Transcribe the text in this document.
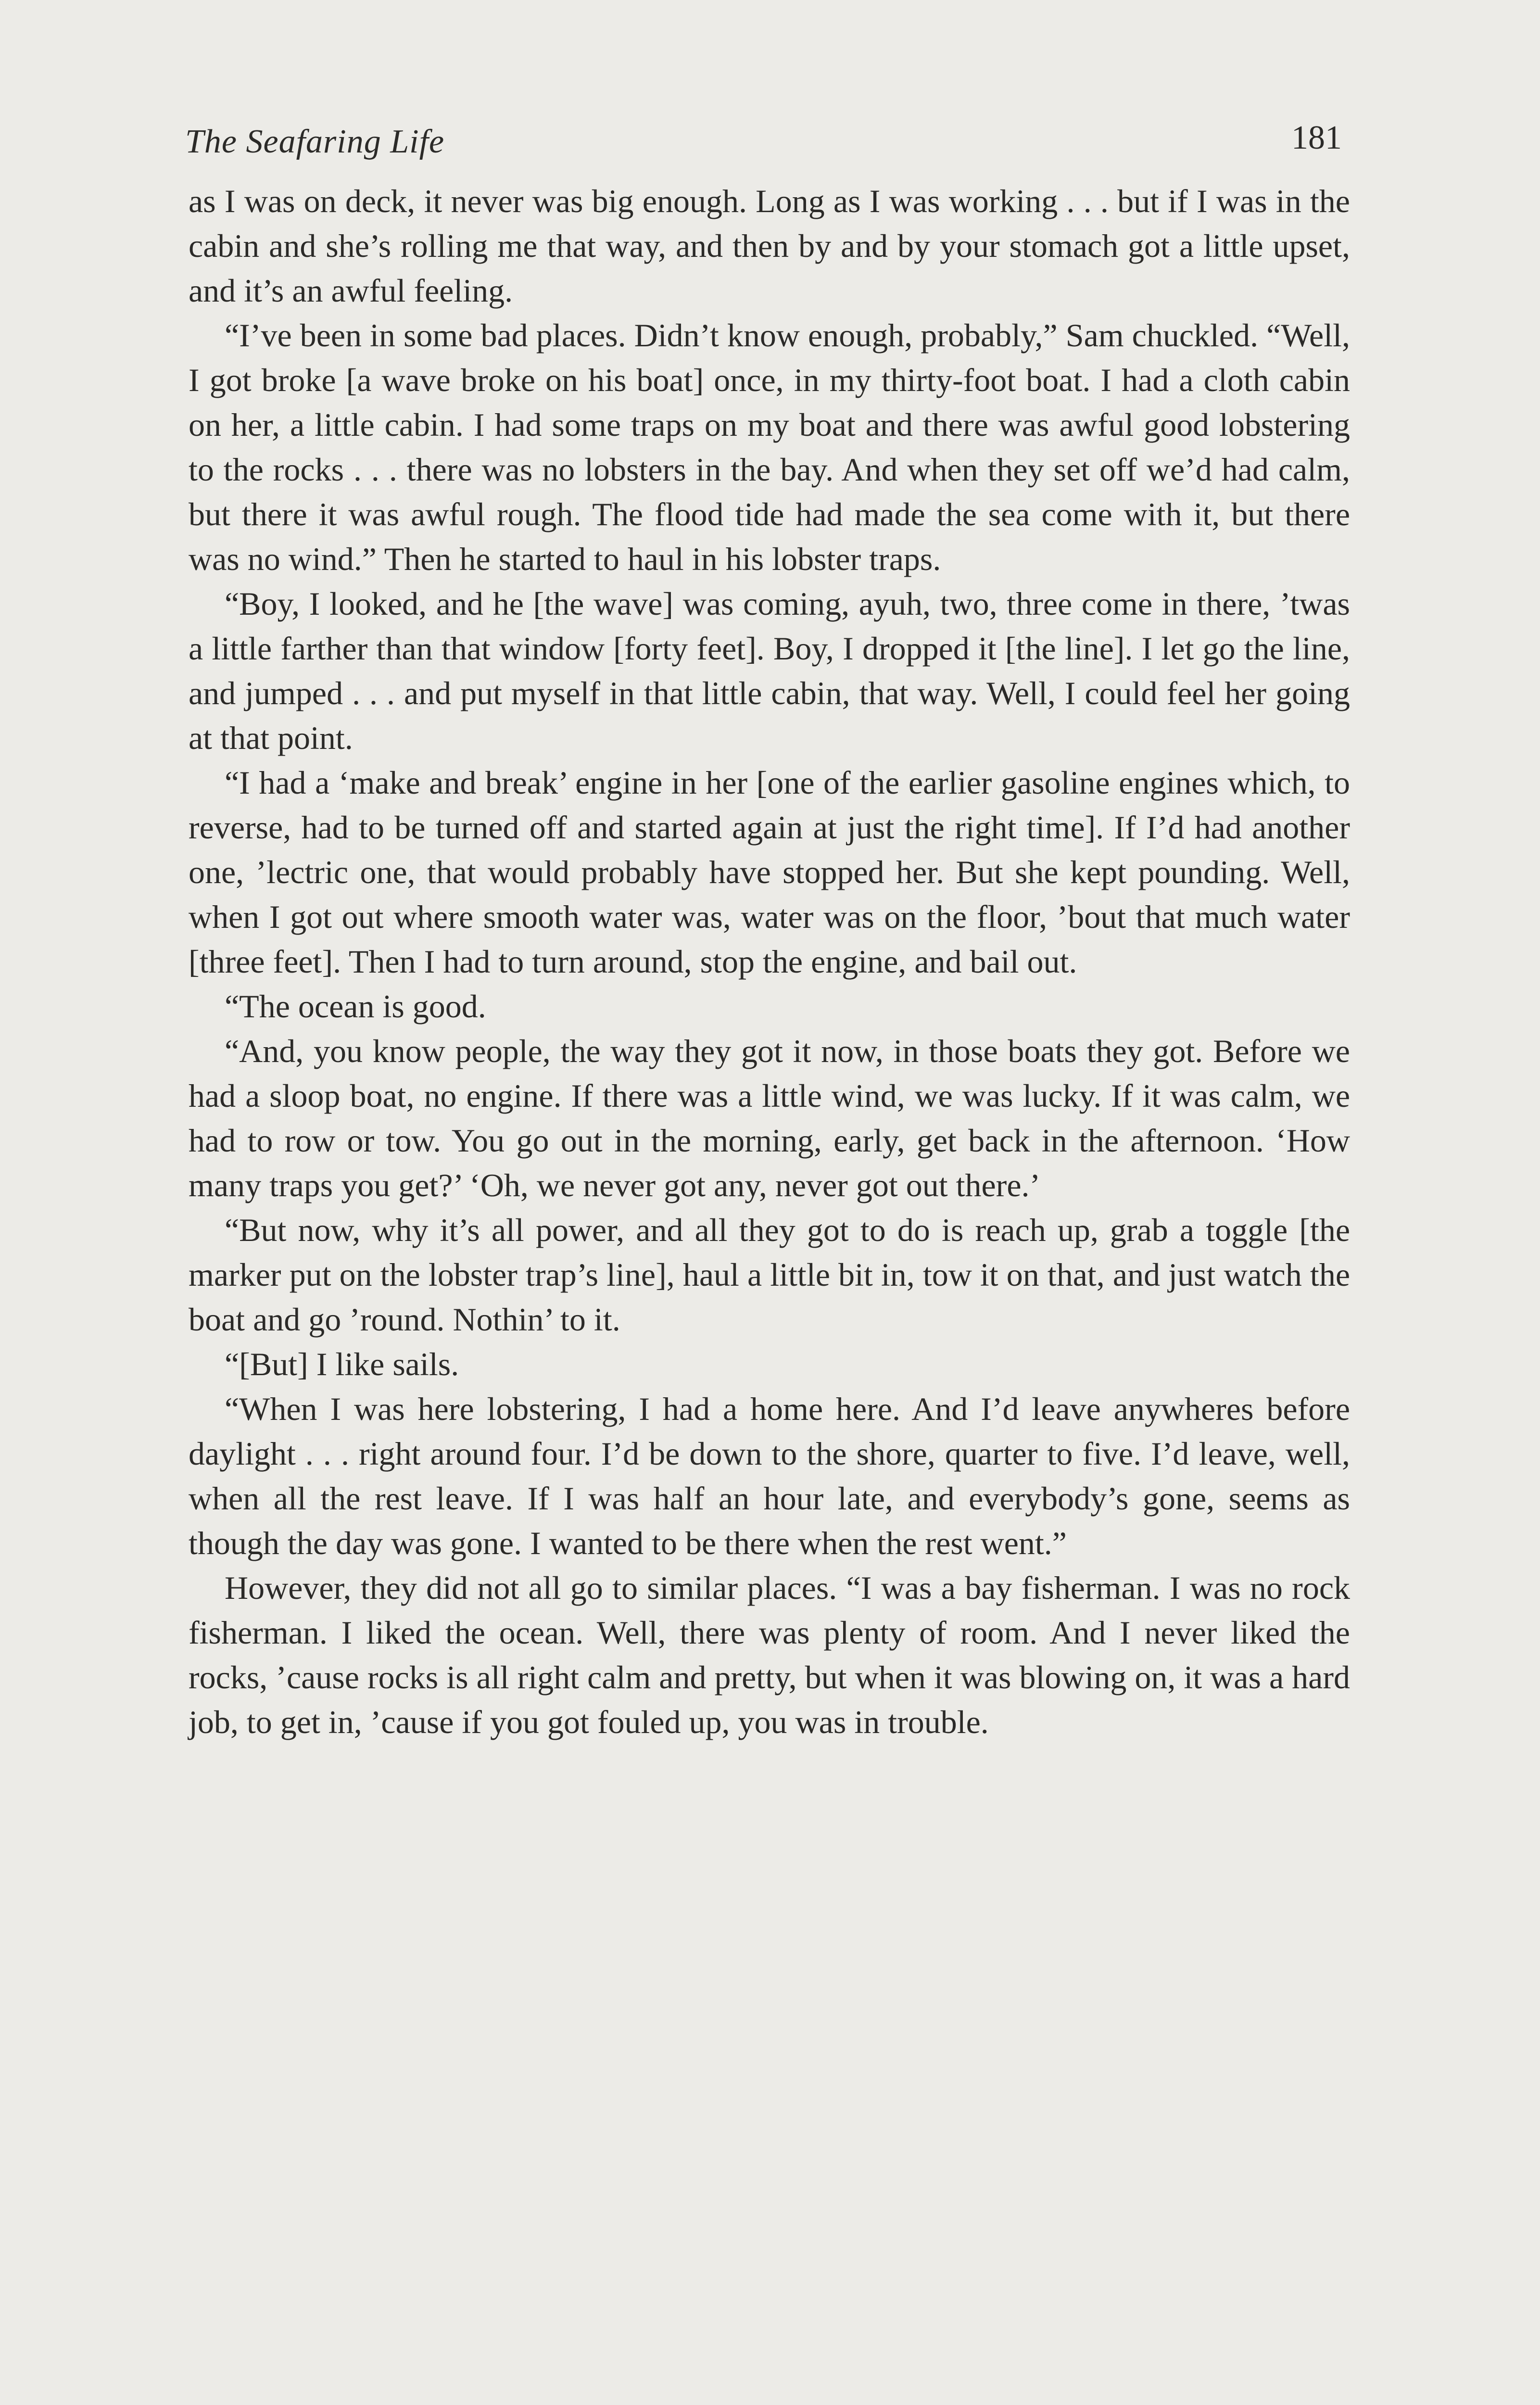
The Seafaring Life	181

as I was on deck, it never was big enough. Long as I was working . . . but if I was in the cabin and she’s rolling me that way, and then by and by your stomach got a little upset, and it’s an awful feeling.

“I’ve been in some bad places. Didn’t know enough, probably,” Sam chuckled. “Well, I got broke [a wave broke on his boat] once, in my thirty-foot boat. I had a cloth cabin on her, a little cabin. I had some traps on my boat and there was awful good lobstering to the rocks . . . there was no lobsters in the bay. And when they set off we’d had calm, but there it was awful rough. The flood tide had made the sea come with it, but there was no wind.” Then he started to haul in his lobster traps.

“Boy, I looked, and he [the wave] was coming, ayuh, two, three come in there, ’twas a little farther than that window [forty feet]. Boy, I dropped it [the line]. I let go the line, and jumped . . . and put myself in that little cabin, that way. Well, I could feel her going at that point.

“I had a ‘make and break’ engine in her [one of the earlier gasoline engines which, to reverse, had to be turned off and started again at just the right time]. If I’d had another one, ’lectric one, that would probably have stopped her. But she kept pounding. Well, when I got out where smooth water was, water was on the floor, ’bout that much water [three feet]. Then I had to turn around, stop the engine, and bail out.

“The ocean is good.

“And, you know people, the way they got it now, in those boats they got. Before we had a sloop boat, no engine. If there was a little wind, we was lucky. If it was calm, we had to row or tow. You go out in the morning, early, get back in the afternoon. ‘How many traps you get?’ ‘Oh, we never got any, never got out there.’

“But now, why it’s all power, and all they got to do is reach up, grab a toggle [the marker put on the lobster trap’s line], haul a little bit in, tow it on that, and just watch the boat and go ’round. Nothin’ to it.

“[But] I like sails.

“When I was here lobstering, I had a home here. And I’d leave anywheres before daylight . . . right around four. I’d be down to the shore, quarter to five. I’d leave, well, when all the rest leave. If I was half an hour late, and everybody’s gone, seems as though the day was gone. I wanted to be there when the rest went.”

However, they did not all go to similar places. “I was a bay fisherman. I was no rock fisherman. I liked the ocean. Well, there was plenty of room. And I never liked the rocks, ’cause rocks is all right calm and pretty, but when it was blowing on, it was a hard job, to get in, ’cause if you got fouled up, you was in trouble.
